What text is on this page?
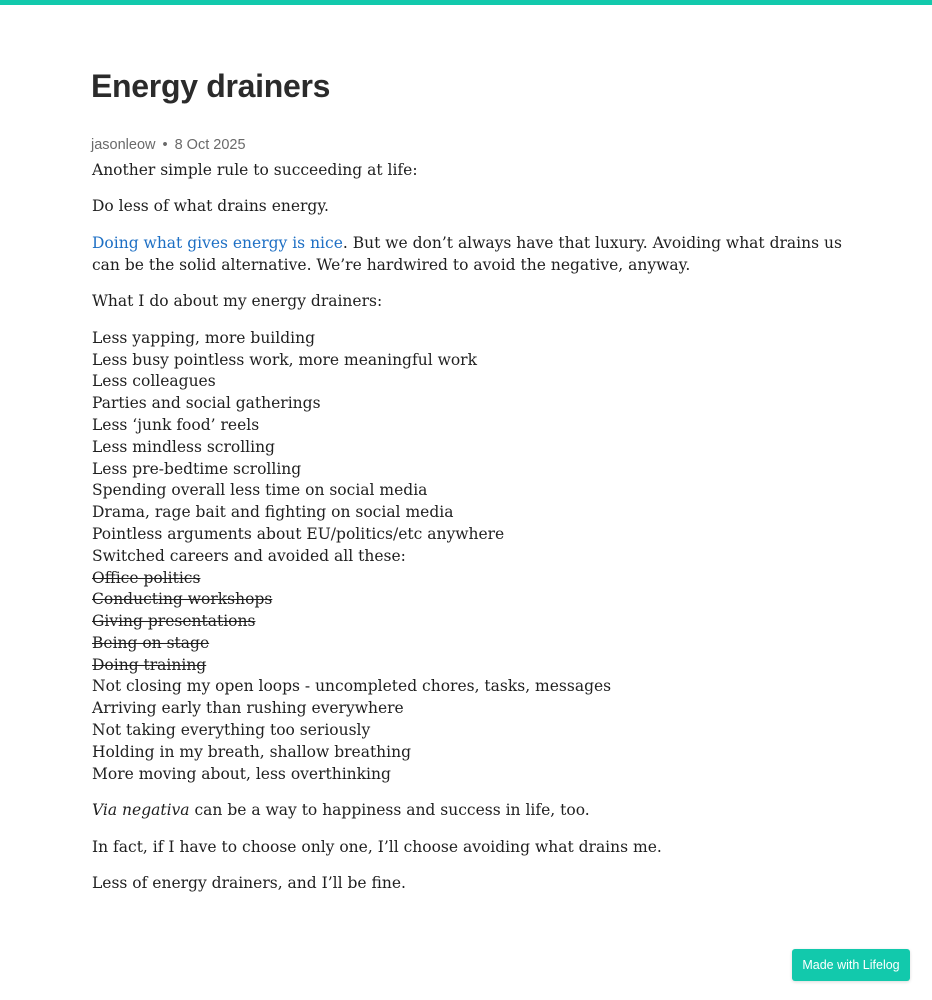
Energy drainers
jasonleow • 8 Oct 2025

Another simple rule to succeeding at life:

Do less of what drains energy.

Doing what gives energy is nice. But we don’t always have that luxury. Avoiding what drains us can be the solid alternative. We’re hardwired to avoid the negative, anyway.

What I do about my energy drainers:

Less yapping, more building
Less busy pointless work, more meaningful work
Less colleagues
Parties and social gatherings
Less ‘junk food’ reels
Less mindless scrolling
Less pre-bedtime scrolling
Spending overall less time on social media
Drama, rage bait and fighting on social media
Pointless arguments about EU/politics/etc anywhere
Switched careers and avoided all these:
Office politics
Conducting workshops
Giving presentations
Being on stage
Doing training
Not closing my open loops - uncompleted chores, tasks, messages
Arriving early than rushing everywhere
Not taking everything too seriously
Holding in my breath, shallow breathing
More moving about, less overthinking

Via negativa can be a way to happiness and success in life, too.

In fact, if I have to choose only one, I’ll choose avoiding what drains me.

Less of energy drainers, and I’ll be fine.

Made with Lifelog
